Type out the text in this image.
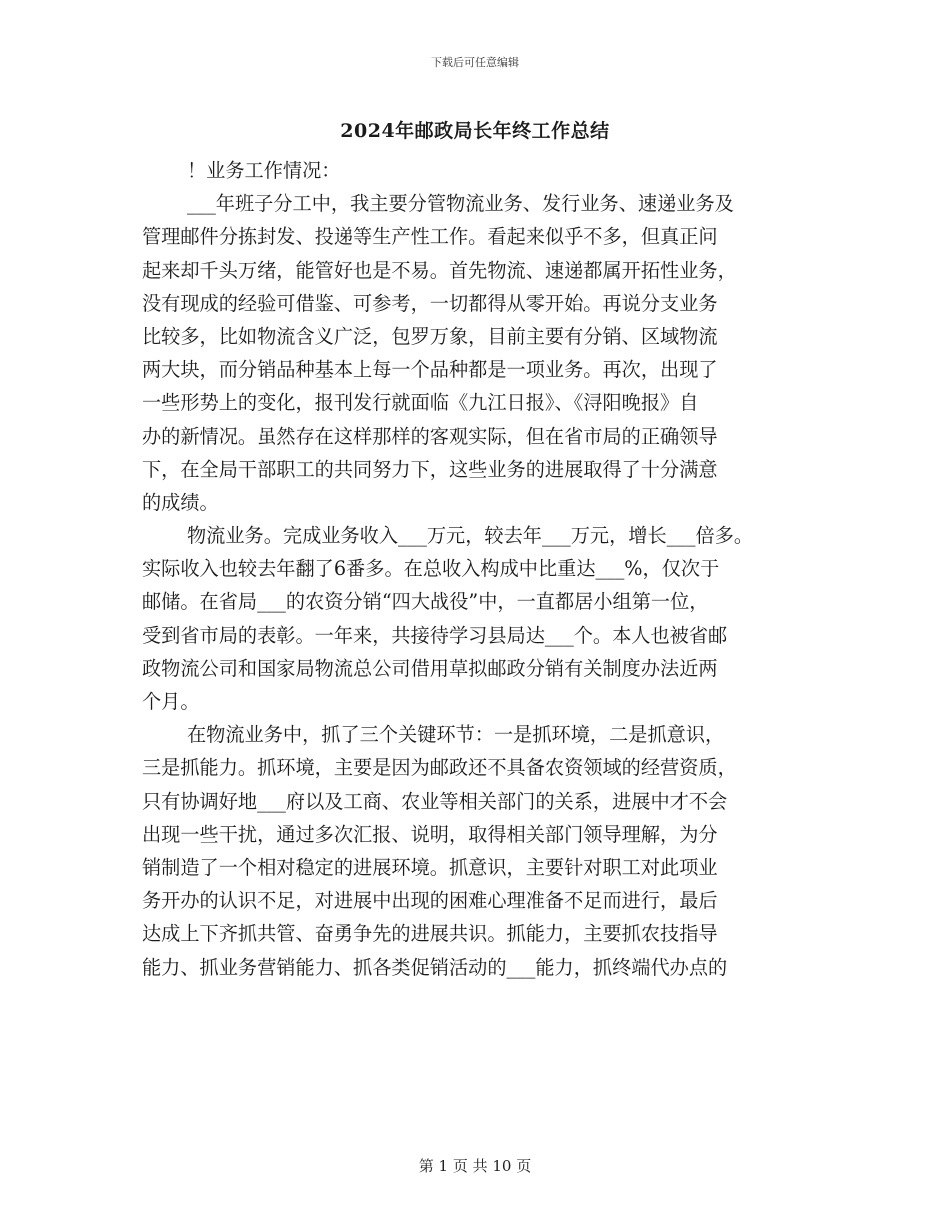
下载后可任意编辑
2024年邮政局长年终工作总结
！业务工作情况：
___年班子分工中，我主要分管物流业务、发行业务、速递业务及
管理邮件分拣封发、投递等生产性工作。看起来似乎不多，但真正问
起来却千头万绪，能管好也是不易。首先物流、速递都属开拓性业务，
没有现成的经验可借鉴、可参考，一切都得从零开始。再说分支业务
比较多，比如物流含义广泛，包罗万象，目前主要有分销、区域物流
两大块，而分销品种基本上每一个品种都是一项业务。再次，出现了
一些形势上的变化，报刊发行就面临《九江日报》、《浔阳晚报》自
办的新情况。虽然存在这样那样的客观实际，但在省市局的正确领导
下，在全局干部职工的共同努力下，这些业务的进展取得了十分满意
的成绩。
物流业务。完成业务收入___万元，较去年___万元，增长___倍多。
实际收入也较去年翻了6番多。在总收入构成中比重达___%，仅次于
邮储。在省局___的农资分销“四大战役”中，一直都居小组第一位，
受到省市局的表彰。一年来，共接待学习县局达___个。本人也被省邮
政物流公司和国家局物流总公司借用草拟邮政分销有关制度办法近两
个月。
在物流业务中，抓了三个关键环节：一是抓环境，二是抓意识，
三是抓能力。抓环境，主要是因为邮政还不具备农资领域的经营资质，
只有协调好地___府以及工商、农业等相关部门的关系，进展中才不会
出现一些干扰，通过多次汇报、说明，取得相关部门领导理解，为分
销制造了一个相对稳定的进展环境。抓意识，主要针对职工对此项业
务开办的认识不足，对进展中出现的困难心理准备不足而进行，最后
达成上下齐抓共管、奋勇争先的进展共识。抓能力，主要抓农技指导
能力、抓业务营销能力、抓各类促销活动的___能力，抓终端代办点的
第 1 页 共 10 页
